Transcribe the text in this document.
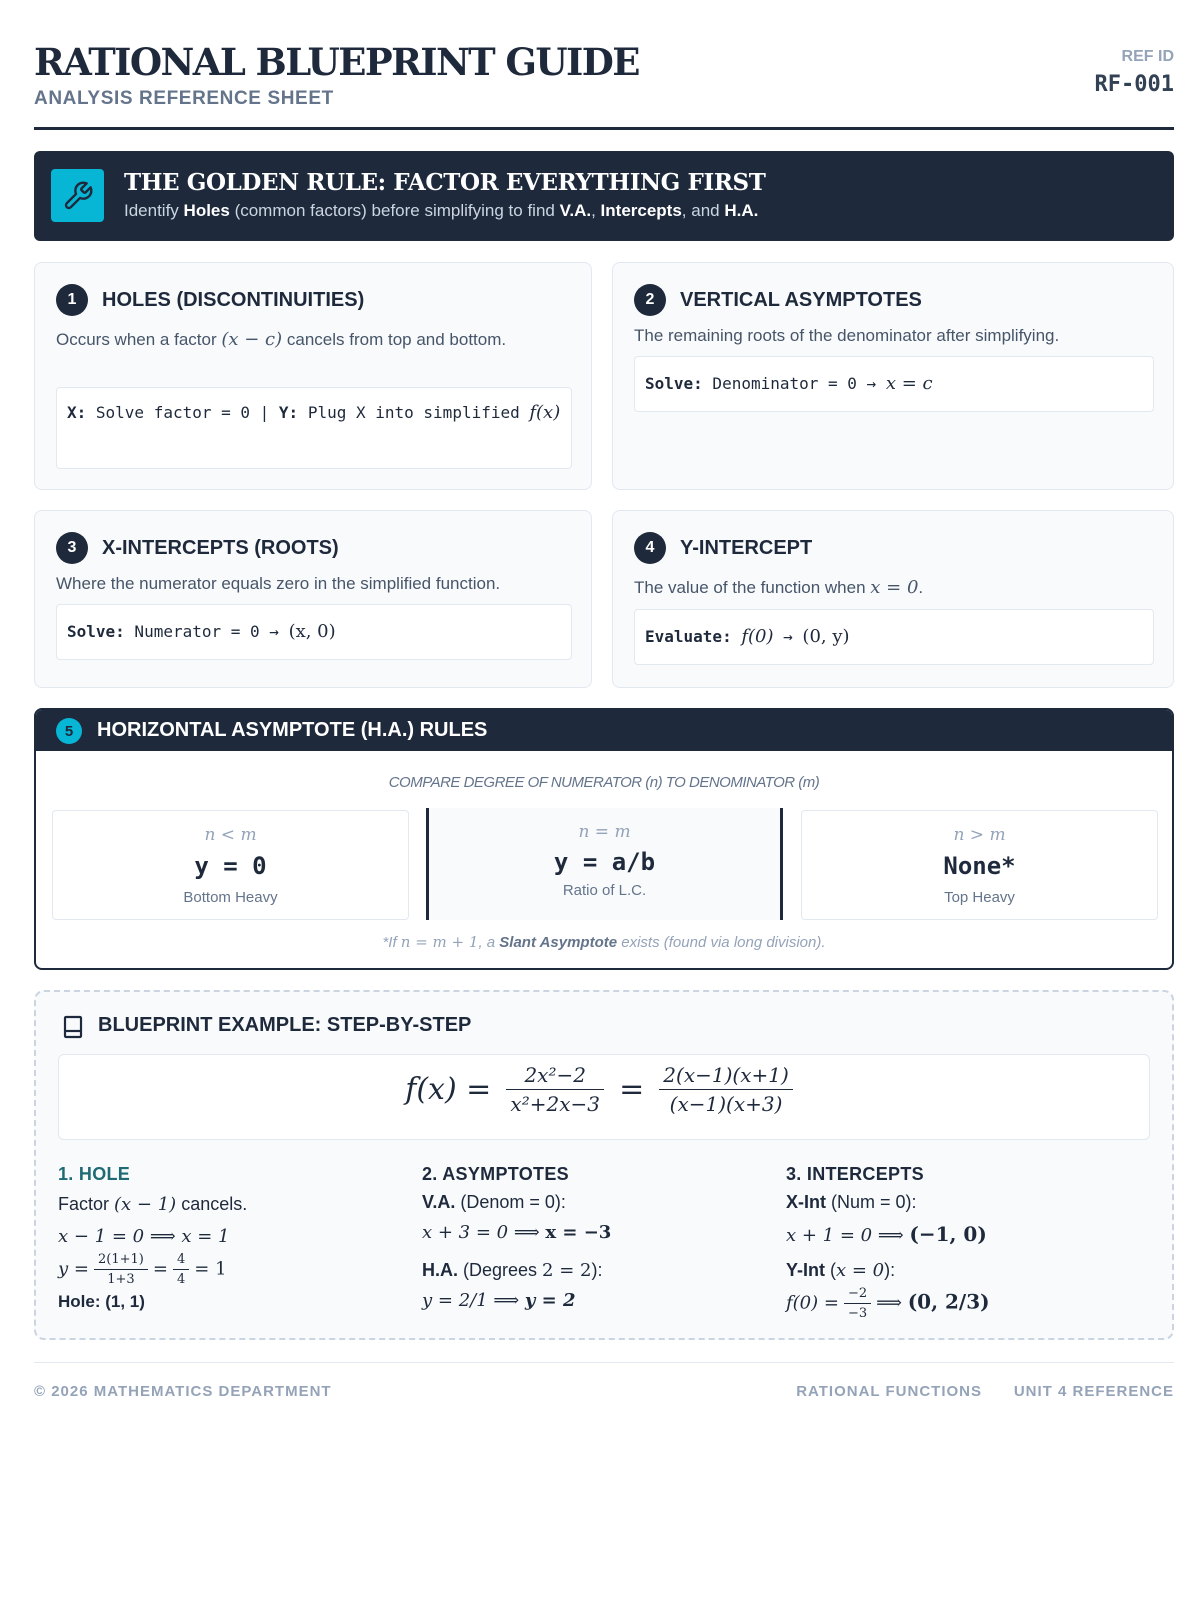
RATIONAL BLUEPRINT GUIDE
ANALYSIS REFERENCE SHEET
REF ID
RF-001
THE GOLDEN RULE: FACTOR EVERYTHING FIRST
Identify Holes (common factors) before simplifying to find V.A., Intercepts, and H.A.
1	HOLES (DISCONTINUITIES)
Occurs when a factor (x − c) cancels from top and bottom.
X: Solve factor = 0 | Y: Plug X into simplified f(x)
2	VERTICAL ASYMPTOTES
The remaining roots of the denominator after simplifying.
Solve: Denominator = 0 → x = c
3	X-INTERCEPTS (ROOTS)
Where the numerator equals zero in the simplified function.
Solve: Numerator = 0 → (x, 0)
4	Y-INTERCEPT
The value of the function when x = 0.
Evaluate: f(0) → (0, y)
5	HORIZONTAL ASYMPTOTE (H.A.) RULES
COMPARE DEGREE OF NUMERATOR (n) TO DENOMINATOR (m)
n < m
y = 0
Bottom Heavy
n = m
y = a/b
Ratio of L.C.
n > m
None*
Top Heavy
*If n = m + 1, a Slant Asymptote exists (found via long division).
BLUEPRINT EXAMPLE: STEP-BY-STEP
$f(x) = \frac{\text{2x²−2}}{\text{x²+2x−3}} = \frac{2(x-1)(x+1)}{(x-1)(x+3)}$
1. HOLE
Factor (x − 1) cancels.
x − 1 = 0 ⟹ x = 1
$y = \frac{2(1+1)}{1+3} = \frac{4}{4} = 1$
Hole: (1, 1)
2. ASYMPTOTES
V.A. (Denom = 0):
x + 3 = 0 ⟹ x = −3
H.A. (Degrees 2 = 2):
y = 2/1 ⟹ y = 2
3. INTERCEPTS
X-Int (Num = 0):
x + 1 = 0 ⟹ (−1, 0)
Y-Int (x = 0):
$f(0) = \frac{-2}{-3}$ ⟹ (0, 2/3)
© 2026 MATHEMATICS DEPARTMENT	RATIONAL FUNCTIONS UNIT 4 REFERENCE
